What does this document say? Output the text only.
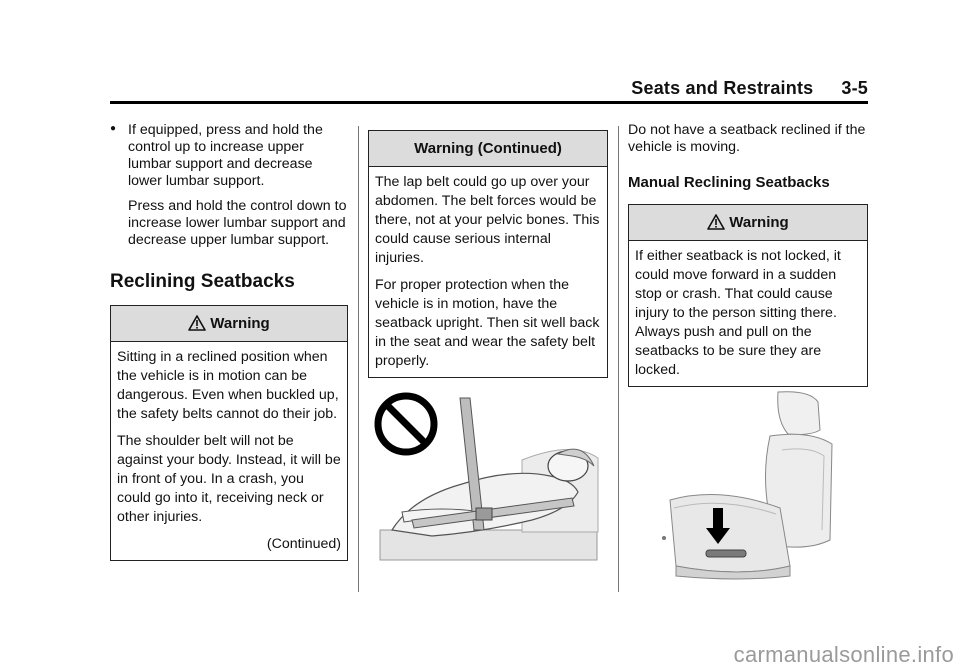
Seats and Restraints 3-5
● If equipped, press and hold the control up to increase upper lumbar support and decrease lower lumbar support.
Press and hold the control down to increase lower lumbar support and decrease upper lumbar support.
Reclining Seatbacks
Warning

Sitting in a reclined position when the vehicle is in motion can be dangerous. Even when buckled up, the safety belts cannot do their job.

The shoulder belt will not be against your body. Instead, it will be in front of you. In a crash, you could go into it, receiving neck or other injuries.

(Continued)
Warning (Continued)

The lap belt could go up over your abdomen. The belt forces would be there, not at your pelvic bones. This could cause serious internal injuries.

For proper protection when the vehicle is in motion, have the seatback upright. Then sit well back in the seat and wear the safety belt properly.

Do not have a seatback reclined if the vehicle is moving.
Manual Reclining Seatbacks
Warning

If either seatback is not locked, it could move forward in a sudden stop or crash. That could cause injury to the person sitting there. Always push and pull on the seatbacks to be sure they are locked.

carmanualsonline.info
